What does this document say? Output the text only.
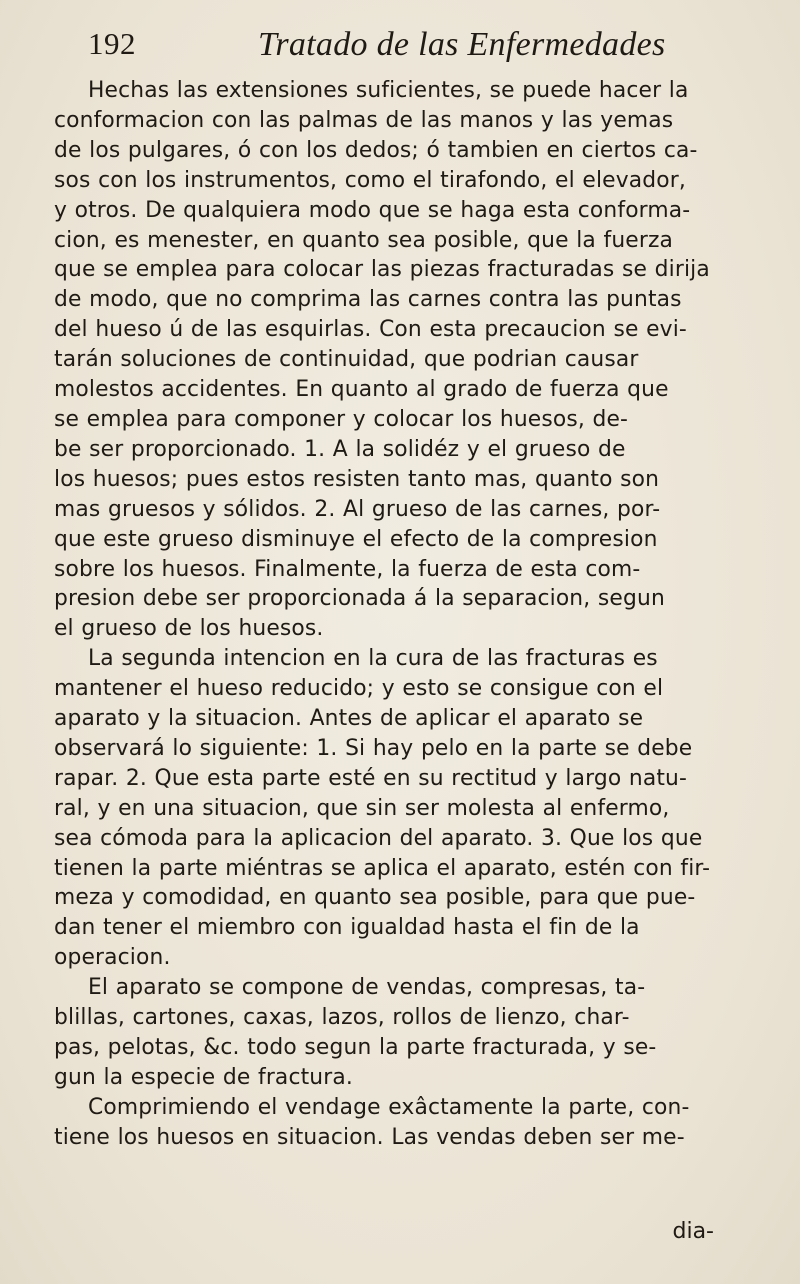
192	Tratado de las Enfermedades
Hechas las extensiones suficientes, se puede hacer la
conformacion con las palmas de las manos y las yemas
de los pulgares, ó con los dedos; ó tambien en ciertos ca-
sos con los instrumentos, como el tirafondo, el elevador,
y otros. De qualquiera modo que se haga esta conforma-
cion, es menester, en quanto sea posible, que la fuerza
que se emplea para colocar las piezas fracturadas se dirija
de modo, que no comprima las carnes contra las puntas
del hueso ú de las esquirlas. Con esta precaucion se evi-
tarán soluciones de continuidad, que podrian causar
molestos accidentes. En quanto al grado de fuerza que
se emplea para componer y colocar los huesos, de-
be ser proporcionado. 1. A la solidéz y el grueso de
los huesos; pues estos resisten tanto mas, quanto son
mas gruesos y sólidos. 2. Al grueso de las carnes, por-
que este grueso disminuye el efecto de la compresion
sobre los huesos. Finalmente, la fuerza de esta com-
presion debe ser proporcionada á la separacion, segun
el grueso de los huesos.
La segunda intencion en la cura de las fracturas es
mantener el hueso reducido; y esto se consigue con el
aparato y la situacion. Antes de aplicar el aparato se
observará lo siguiente: 1. Si hay pelo en la parte se debe
rapar. 2. Que esta parte esté en su rectitud y largo natu-
ral, y en una situacion, que sin ser molesta al enfermo,
sea cómoda para la aplicacion del aparato. 3. Que los que
tienen la parte miéntras se aplica el aparato, estén con fir-
meza y comodidad, en quanto sea posible, para que pue-
dan tener el miembro con igualdad hasta el fin de la
operacion.
El aparato se compone de vendas, compresas, ta-
blillas, cartones, caxas, lazos, rollos de lienzo, char-
pas, pelotas, &c. todo segun la parte fracturada, y se-
gun la especie de fractura.
Comprimiendo el vendage exâctamente la parte, con-
tiene los huesos en situacion. Las vendas deben ser me-
dia-
